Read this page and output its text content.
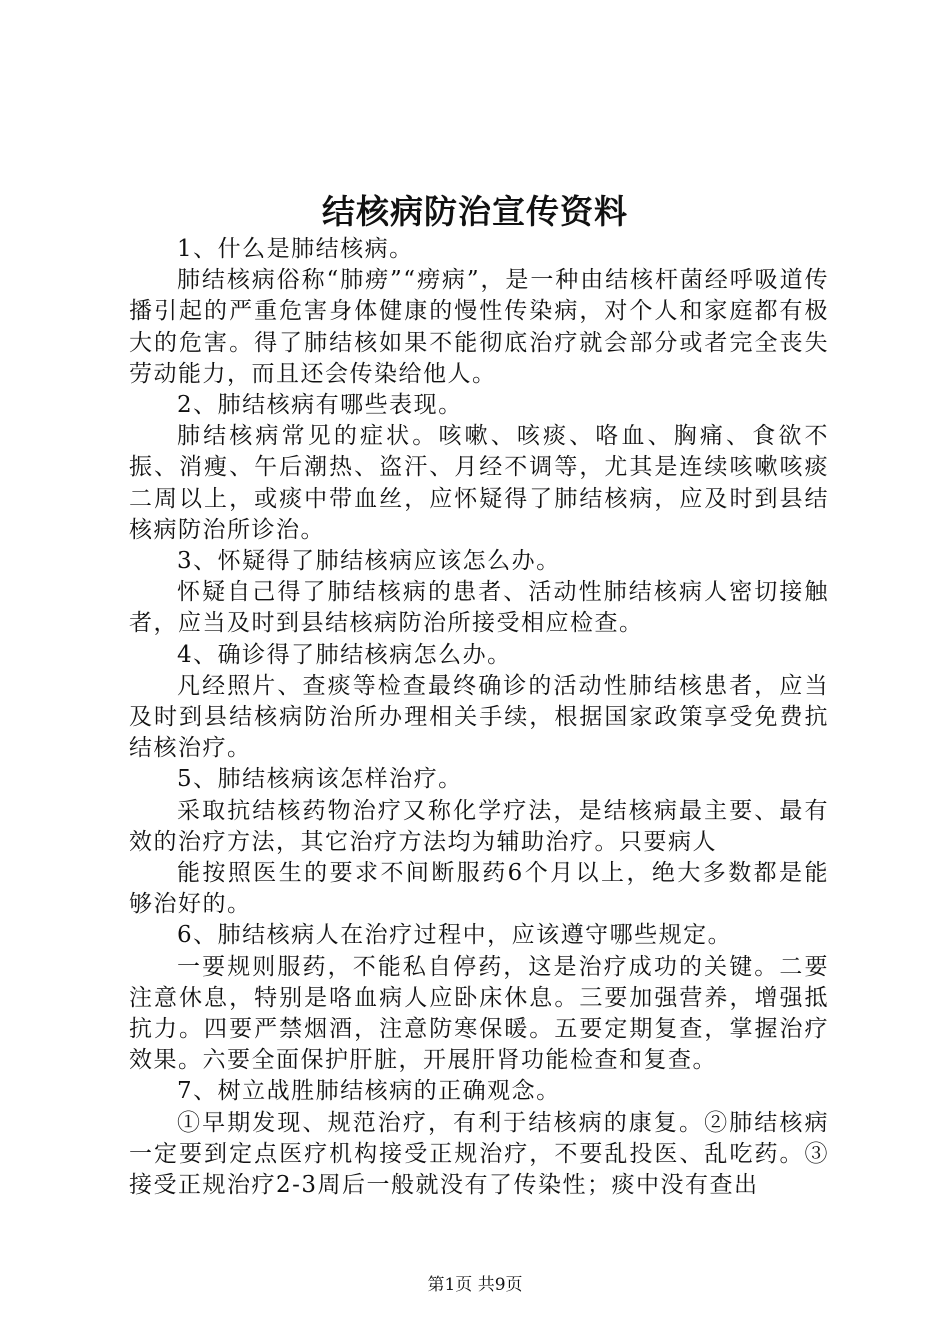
结核病防治宣传资料

1、什么是肺结核病。

肺结核病俗称“肺痨”“痨病”，是一种由结核杆菌经呼吸道传播引起的严重危害身体健康的慢性传染病，对个人和家庭都有极大的危害。得了肺结核如果不能彻底治疗就会部分或者完全丧失劳动能力，而且还会传染给他人。

2、肺结核病有哪些表现。

肺结核病常见的症状。咳嗽、咳痰、咯血、胸痛、食欲不振、消瘦、午后潮热、盗汗、月经不调等，尤其是连续咳嗽咳痰二周以上，或痰中带血丝，应怀疑得了肺结核病，应及时到县结核病防治所诊治。

3、怀疑得了肺结核病应该怎么办。

怀疑自己得了肺结核病的患者、活动性肺结核病人密切接触者，应当及时到县结核病防治所接受相应检查。

4、确诊得了肺结核病怎么办。

凡经照片、查痰等检查最终确诊的活动性肺结核患者，应当及时到县结核病防治所办理相关手续，根据国家政策享受免费抗结核治疗。

5、肺结核病该怎样治疗。

采取抗结核药物治疗又称化学疗法，是结核病最主要、最有效的治疗方法，其它治疗方法均为辅助治疗。只要病人

能按照医生的要求不间断服药6个月以上，绝大多数都是能够治好的。

6、肺结核病人在治疗过程中，应该遵守哪些规定。

一要规则服药，不能私自停药，这是治疗成功的关键。二要注意休息，特别是咯血病人应卧床休息。三要加强营养，增强抵抗力。四要严禁烟酒，注意防寒保暖。五要定期复查，掌握治疗效果。六要全面保护肝脏，开展肝肾功能检查和复查。

7、树立战胜肺结核病的正确观念。

①早期发现、规范治疗，有利于结核病的康复。②肺结核病一定要到定点医疗机构接受正规治疗，不要乱投医、乱吃药。③接受正规治疗2-3周后一般就没有了传染性；痰中没有查出

第1页 共9页
